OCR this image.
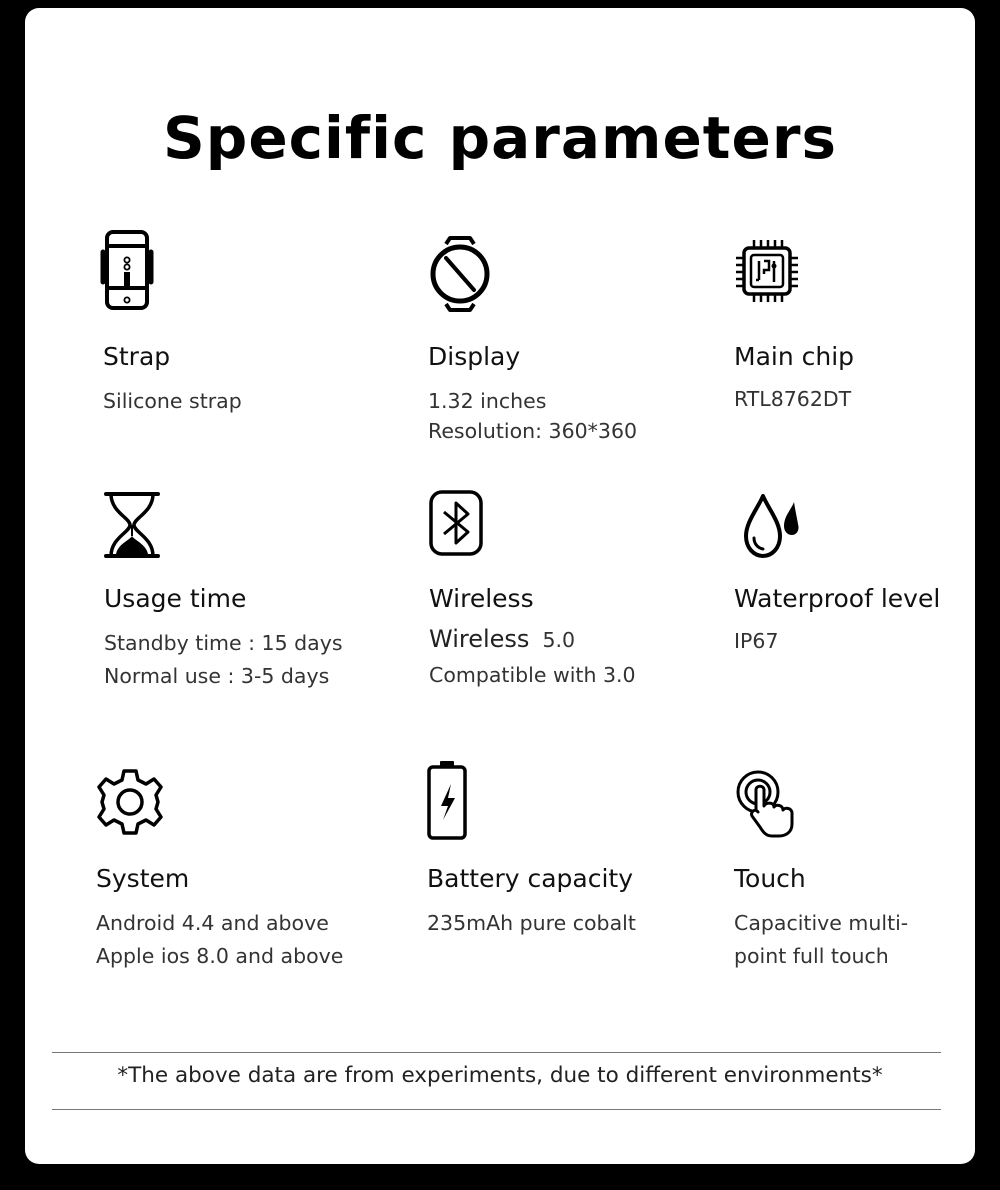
Specific parameters
Strap
Silicone strap
Display
1.32 inches
Resolution: 360*360
Main chip
RTL8762DT
Usage time
Standby time : 15 days
Normal use : 3-5 days
Wireless
Wireless 5.0
Compatible with 3.0
Waterproof level
IP67
System
Android 4.4 and above
Apple ios 8.0 and above
Battery capacity
235mAh pure cobalt
Touch
Capacitive multi-
point full touch

*The above data are from experiments, due to different environments*
